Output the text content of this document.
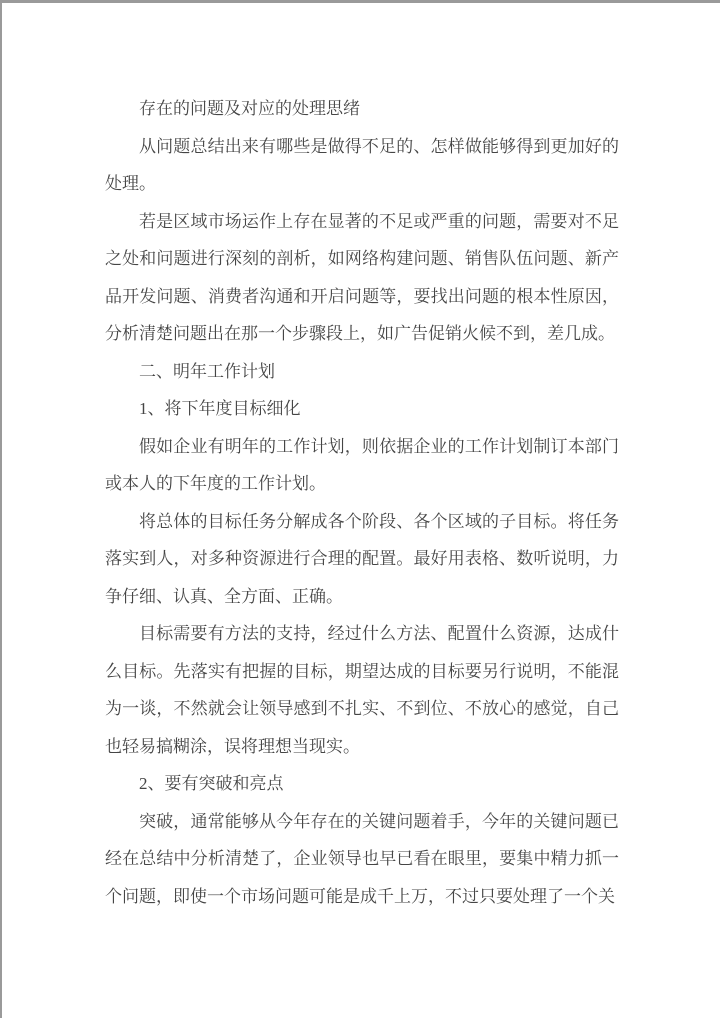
存在的问题及对应的处理思绪

从问题总结出来有哪些是做得不足的、怎样做能够得到更加好的处理。

若是区域市场运作上存在显著的不足或严重的问题，需要对不足之处和问题进行深刻的剖析，如网络构建问题、销售队伍问题、新产品开发问题、消费者沟通和开启问题等，要找出问题的根本性原因，分析清楚问题出在那一个步骤段上，如广告促销火候不到，差几成。

二、明年工作计划

1、将下年度目标细化

假如企业有明年的工作计划，则依据企业的工作计划制订本部门或本人的下年度的工作计划。

将总体的目标任务分解成各个阶段、各个区域的子目标。将任务落实到人，对多种资源进行合理的配置。最好用表格、数听说明，力争仔细、认真、全方面、正确。

目标需要有方法的支持，经过什么方法、配置什么资源，达成什么目标。先落实有把握的目标，期望达成的目标要另行说明，不能混为一谈，不然就会让领导感到不扎实、不到位、不放心的感觉，自己也轻易搞糊涂，误将理想当现实。

2、要有突破和亮点

突破，通常能够从今年存在的关键问题着手，今年的关键问题已经在总结中分析清楚了，企业领导也早已看在眼里，要集中精力抓一个问题，即使一个市场问题可能是成千上万，不过只要处理了一个关
